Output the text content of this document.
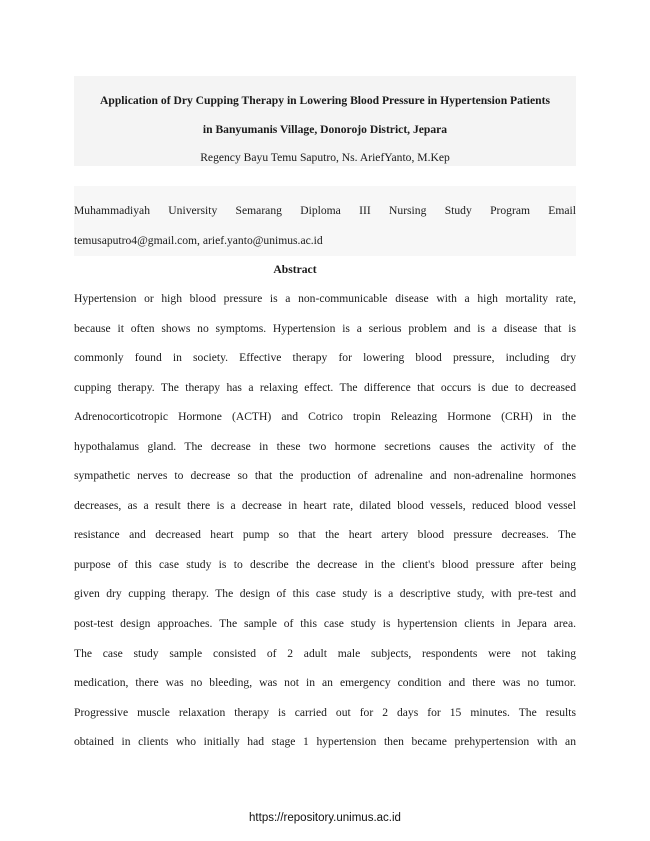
Application of Dry Cupping Therapy in Lowering Blood Pressure in Hypertension Patients
in Banyumanis Village, Donorojo District, Jepara
Regency Bayu Temu Saputro, Ns. AriefYanto, M.Kep
Muhammadiyah University Semarang Diploma III Nursing Study Program Email
temusaputro4@gmail.com, arief.yanto@unimus.ac.id
Abstract
Hypertension or high blood pressure is a non-communicable disease with a high mortality rate,
because it often shows no symptoms. Hypertension is a serious problem and is a disease that is
commonly found in society. Effective therapy for lowering blood pressure, including dry
cupping therapy. The therapy has a relaxing effect. The difference that occurs is due to decreased
Adrenocorticotropic Hormone (ACTH) and Cotrico tropin Releazing Hormone (CRH) in the
hypothalamus gland. The decrease in these two hormone secretions causes the activity of the
sympathetic nerves to decrease so that the production of adrenaline and non-adrenaline hormones
decreases, as a result there is a decrease in heart rate, dilated blood vessels, reduced blood vessel
resistance and decreased heart pump so that the heart artery blood pressure decreases. The
purpose of this case study is to describe the decrease in the client's blood pressure after being
given dry cupping therapy. The design of this case study is a descriptive study, with pre-test and
post-test design approaches. The sample of this case study is hypertension clients in Jepara area.
The case study sample consisted of 2 adult male subjects, respondents were not taking
medication, there was no bleeding, was not in an emergency condition and there was no tumor.
Progressive muscle relaxation therapy is carried out for 2 days for 15 minutes. The results
obtained in clients who initially had stage 1 hypertension then became prehypertension with an
https://repository.unimus.ac.id
